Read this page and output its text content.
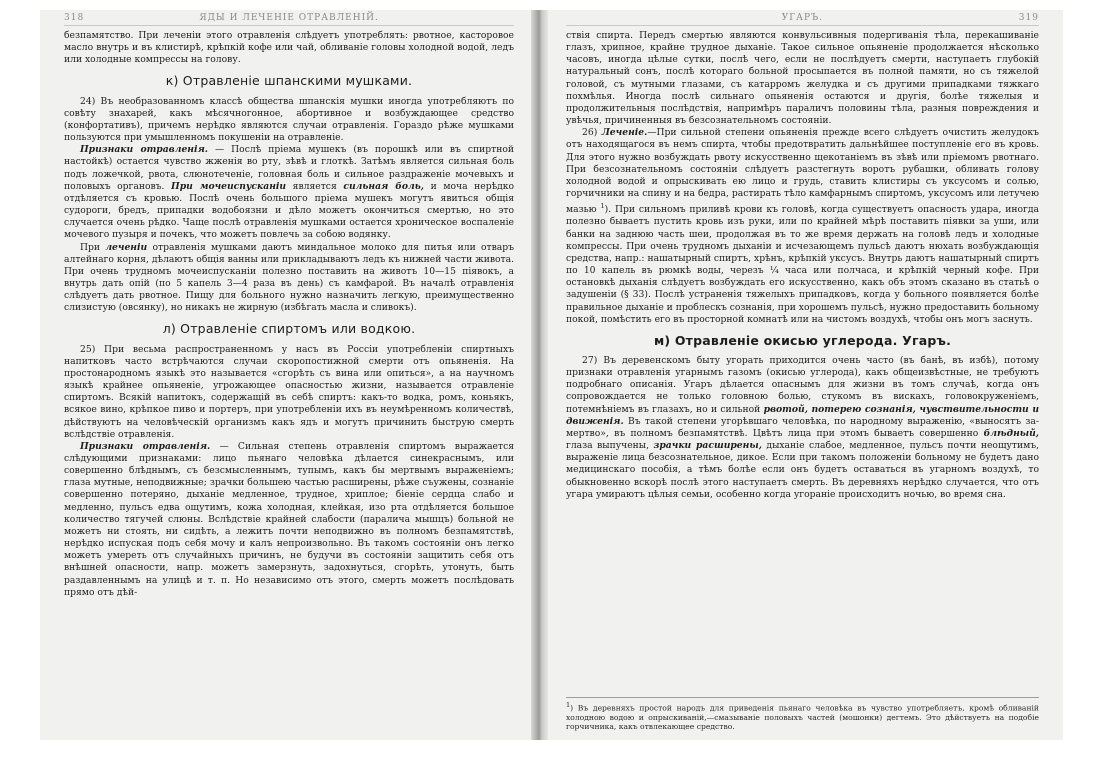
318	ЯДЫ И ЛЕЧЕНІЕ ОТРАВЛЕНІЙ.

безпамятство. При леченіи этого отравленія слѣдуетъ употреблять: рвотное, касторовое масло внутрь и въ клистирѣ, крѣпкій кофе или чай, обливаніе головы холодной водой, ледъ или холодные компрессы на голову.

к) Отравленіе шпанскими мушками.

24) Въ необразованномъ классѣ общества шпанскія мушки иногда употребляютъ по совѣту знахарей, какъ мѣсячногонное, абортивное и возбуждающее средство (конфортативъ), причемъ нерѣдко являются случаи отравленія. Гораздо рѣже мушками пользуются при умышленномъ покушеніи на отравленіе.

Признаки отравленія. — Послѣ пріема мушекъ (въ порошкѣ или въ спиртной настойкѣ) остается чувство жженія во рту, зѣвѣ и глоткѣ. Затѣмъ является сильная боль подъ ложечкой, рвота, слюнотеченіе, головная боль и сильное раздраженіе мочевыхъ и половыхъ органовъ. При мочеиспусканіи является сильная боль, и моча нерѣдко отдѣляется съ кровью. Послѣ очень большого пріема мушекъ могутъ явиться общія судороги, бредъ, припадки водобоязни и дѣло можетъ окончиться смертью, но это случается очень рѣдко. Чаще послѣ отравленія мушками остается хроническое воспаленіе мочевого пузыря и почекъ, что можетъ повлечь за собою водянку.

При леченіи отравленія мушками даютъ миндальное молоко для питья или отваръ алтейнаго корня, дѣлаютъ общія ванны или прикладываютъ ледъ къ нижней части живота. При очень трудномъ мочеиспусканіи полезно поставить на животъ 10—15 піявокъ, а внутрь дать опій (по 5 капель 3—4 раза въ день) съ камфарой. Въ началѣ отравленія слѣдуетъ дать рвотное. Пищу для больного нужно назначить легкую, преимущественно слизистую (овсянку), но никакъ не жирную (избѣгать масла и сливокъ).

л) Отравленіе спиртомъ или водкою.

25) При весьма распространенномъ у насъ въ Россіи употребленіи спиртныхъ напитковъ часто встрѣчаются случаи скоропостижной смерти отъ опьяненія. На простонародномъ языкѣ это называется «сгорѣть съ вина или опиться», а на научномъ языкѣ крайнее опьяненіе, угрожающее опасностью жизни, называется отравленіе спиртомъ. Всякій напитокъ, содержащій въ себѣ спиртъ: какъ-то водка, ромъ, коньякъ, всякое вино, крѣпкое пиво и портеръ, при употребленіи ихъ въ неумѣренномъ количествѣ, дѣйствуютъ на человѣческій организмъ какъ ядъ и могутъ причинить быструю смерть вслѣдствіе отравленія.

Признаки отравленія. — Сильная степень отравленія спиртомъ выражается слѣдующими признаками: лицо пьянаго человѣка дѣлается синекраснымъ, или совершенно блѣднымъ, съ безсмысленнымъ, тупымъ, какъ бы мертвымъ выраженіемъ; глаза мутные, неподвижные; зрачки большею частью расширены, рѣже съужены, сознаніе совершенно потеряно, дыханіе медленное, трудное, хриплое; біеніе сердца слабо и медленно, пульсъ едва ощутимъ, кожа холодная, клейкая, изо рта отдѣляется большое количество тягучей слюны. Вслѣдствіе крайней слабости (паралича мышцъ) больной не можетъ ни стоять, ни сидѣть, а лежитъ почти неподвижно въ полномъ безпамятствѣ, нерѣдко испуская подъ себя мочу и калъ непроизвольно. Въ такомъ состояніи онъ легко можетъ умереть отъ случайныхъ причинъ, не будучи въ состояніи защитить себя отъ внѣшней опасности, напр. можетъ замерзнуть, задохнуться, сгорѣть, утонуть, быть раздавленнымъ на улицѣ и т. п. Но независимо отъ этого, смерть можетъ послѣдовать прямо отъ дѣй-

УГАРЪ.	319

ствія спирта. Передъ смертью являются конвульсивныя подергиванія тѣла, перекашиваніе глазъ, хрипное, крайне трудное дыханіе. Такое сильное опьяненіе продолжается нѣсколько часовъ, иногда цѣлые сутки, послѣ чего, если не послѣдуетъ смерти, наступаетъ глубокій натуральный сонъ, послѣ котораго больной просыпается въ полной памяти, но съ тяжелой головой, съ мутными глазами, съ катарромъ желудка и съ другими припадками тяжкаго похмѣлья. Иногда послѣ сильнаго опьяненія остаются и другія, болѣе тяжелыя и продолжительныя послѣдствія, напримѣръ параличъ половины тѣла, разныя повреждения и увѣчья, причиненныя въ безсознательномъ состояніи.

26) Леченіе.—При сильной степени опьяненія прежде всего слѣдуетъ очистить желудокъ отъ находящагося въ немъ спирта, чтобы предотвратить дальнѣйшее поступленіе его въ кровь. Для этого нужно возбуждать рвоту искусственно щекотаніемъ въ зѣвѣ или пріемомъ рвотнаго. При безсознательномъ состояніи слѣдуетъ разстегнуть воротъ рубашки, обливать голову холодной водой и опрыскивать ею лицо и грудь, ставить клистиры съ уксусомъ и солью, горчичники на спину и на бедра, растирать тѣло камфарнымъ спиртомъ, уксусомъ или летучею мазью $^1$). При сильномъ приливѣ крови къ головѣ, когда существуетъ опасность удара, иногда полезно бываетъ пустить кровь изъ руки, или по крайней мѣрѣ поставить піявки за уши, или банки на заднюю часть шеи, продолжая въ то же время держать на головѣ ледъ и холодные компрессы. При очень трудномъ дыханіи и исчезающемъ пульсѣ даютъ нюхать возбуждающія средства, напр.: нашатырный спиртъ, хрѣнъ, крѣпкій уксусъ. Внутрь даютъ нашатырный спиртъ по 10 капель въ рюмкѣ воды, черезъ ¼ часа или полчаса, и крѣпкій черный кофе. При остановкѣ дыханія слѣдуетъ возбуждать его искусственно, какъ объ этомъ сказано въ статьѣ о задушеніи (§ 33). Послѣ устраненія тяжелыхъ припадковъ, когда у больного появляется болѣе правильное дыханіе и проблескъ сознанія, при хорошемъ пульсѣ, нужно предоставить больному покой, помѣстить его въ просторной комнатѣ или на чистомъ воздухѣ, чтобы онъ могъ заснуть.

м) Отравленіе окисью углерода. Угаръ.

27) Въ деревенскомъ быту угорать приходится очень часто (въ банѣ, въ избѣ), потому признаки отравленія угарнымъ газомъ (окисью углерода), какъ общеизвѣстные, не требуютъ подробнаго описанія. Угаръ дѣлается опаснымъ для жизни въ томъ случаѣ, когда онъ сопровождается не только головною болью, стукомъ въ вискахъ, головокруженіемъ, потемнѣніемъ въ глазахъ, но и сильной рвотой, потерею сознанія, чувствительности и движенія. Въ такой степени угорѣвшаго человѣка, по народному выраженію, «выносятъ за-мертво», въ полномъ безпамятствѣ. Цвѣтъ лица при этомъ бываетъ совершенно блѣдный, глаза выпучены, зрачки расширены, дыханіе слабое, медленное, пульсъ почти неощутимъ, выраженіе лица безсознательное, дикое. Если при такомъ положеніи больному не будетъ дано медицинскаго пособія, а тѣмъ болѣе если онъ будетъ оставаться въ угарномъ воздухѣ, то обыкновенно вскорѣ послѣ этого наступаетъ смерть. Въ деревняхъ нерѣдко случается, что отъ угара умираютъ цѣлыя семьи, особенно когда угораніе происходитъ ночью, во время сна.

1) Въ деревняхъ простой народъ для приведенія пьянаго человѣка въ чувство употребляетъ, кромѣ обливаній холодною водою и опрыскиваній,—смазываніе половыхъ частей (мошонки) дегтемъ. Это дѣйствуетъ на подобіе горчичника, какъ отвлекающее средство.
